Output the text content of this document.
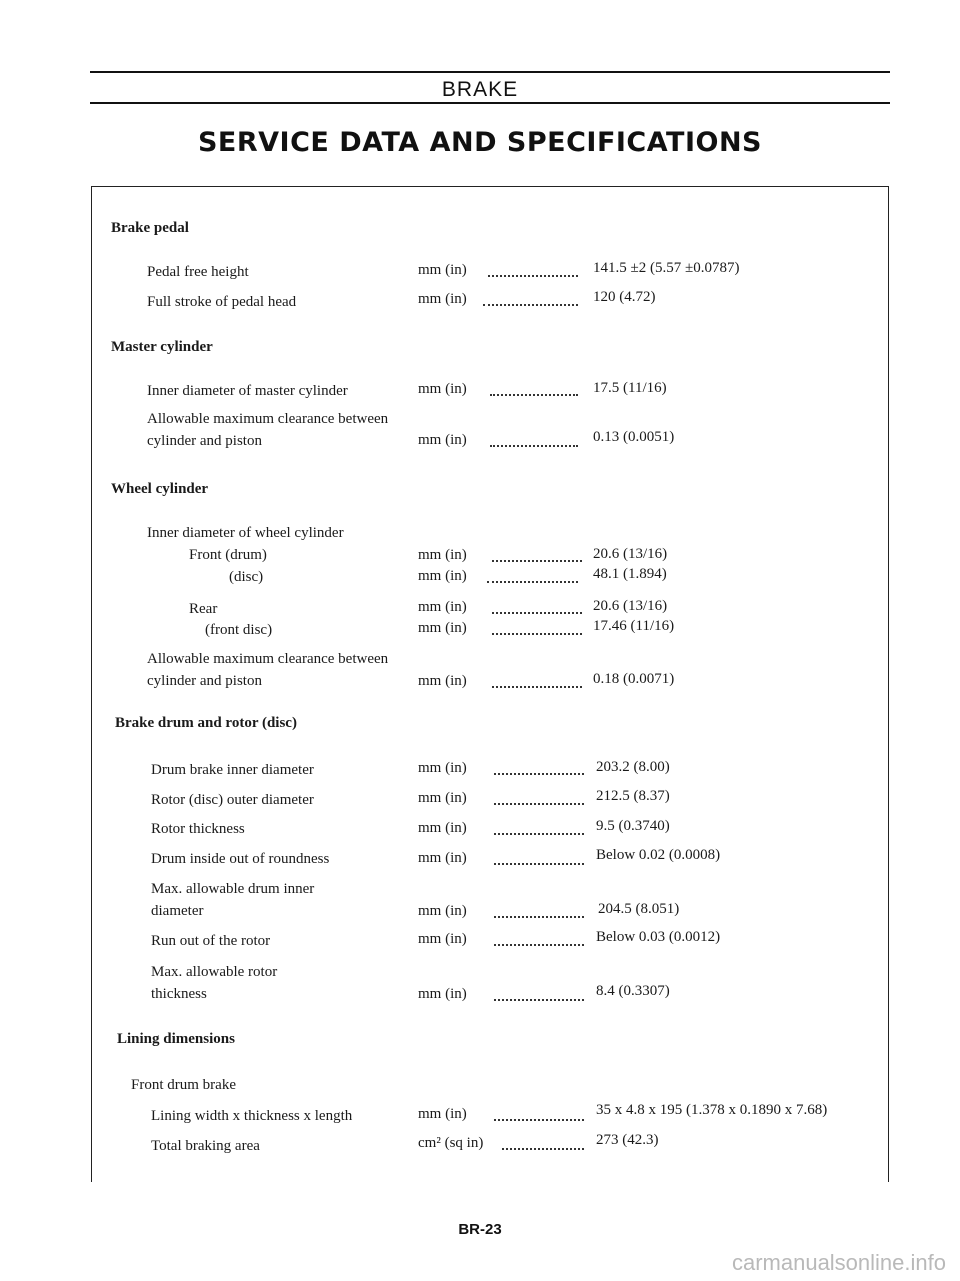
BRAKE
SERVICE DATA AND SPECIFICATIONS
Brake pedal
Pedal free height	mm (in)	141.5 ±2 (5.57 ±0.0787)
Full stroke of pedal head	mm (in)	120 (4.72)
Master cylinder
Inner diameter of master cylinder	mm (in)	17.5 (11/16)
Allowable maximum clearance between
cylinder and piston	mm (in)	0.13 (0.0051)
Wheel cylinder
Inner diameter of wheel cylinder
Front (drum)	mm (in)	20.6 (13/16)
(disc)	mm (in)	48.1 (1.894)
Rear	mm (in)	20.6 (13/16)
(front disc)	mm (in)	17.46 (11/16)
Allowable maximum clearance between
cylinder and piston	mm (in)	0.18 (0.0071)
Brake drum and rotor (disc)
Drum brake inner diameter	mm (in)	203.2 (8.00)
Rotor (disc) outer diameter	mm (in)	212.5 (8.37)
Rotor thickness	mm (in)	9.5 (0.3740)
Drum inside out of roundness	mm (in)	Below 0.02 (0.0008)
Max. allowable drum inner
diameter	mm (in)	204.5 (8.051)
Run out of the rotor	mm (in)	Below 0.03 (0.0012)
Max. allowable rotor
thickness	mm (in)	8.4 (0.3307)
Lining dimensions
Front drum brake
Lining width x thickness x length	mm (in)	35 x 4.8 x 195 (1.378 x 0.1890 x 7.68)
Total braking area	cm² (sq in)	273 (42.3)
BR-23
carmanualsonline.info
